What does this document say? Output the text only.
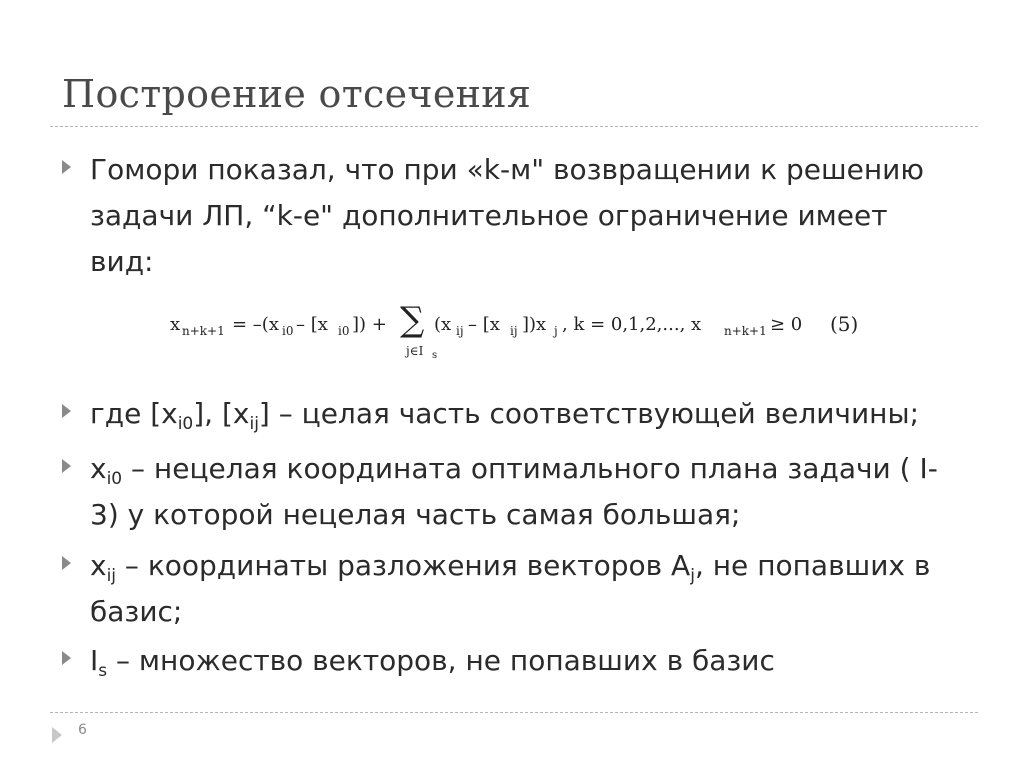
Построение отсечения
Гомори показал, что при «k-м" возвращении к решению
задачи ЛП, “k-е" дополнительное ограничение имеет
вид:
x n+k+1 = –(x i0 – [x i0 ]) + ∑
j∈I s
(x ij – [x ij ])x j , k = 0,1,2,..., x n+k+1 ≥ 0 (5)
где $[x_{i0}]$, $[x_{ij}]$ – целая часть соответствующей величины;
$x_{i0}$ – нецелая координата оптимального плана задачи ( I-
3) у которой нецелая часть самая большая;
$x_{ij}$ – координаты разложения векторов $A_j$, не попавших в
базис;
$I_s$ – множество векторов, не попавших в базис
6
